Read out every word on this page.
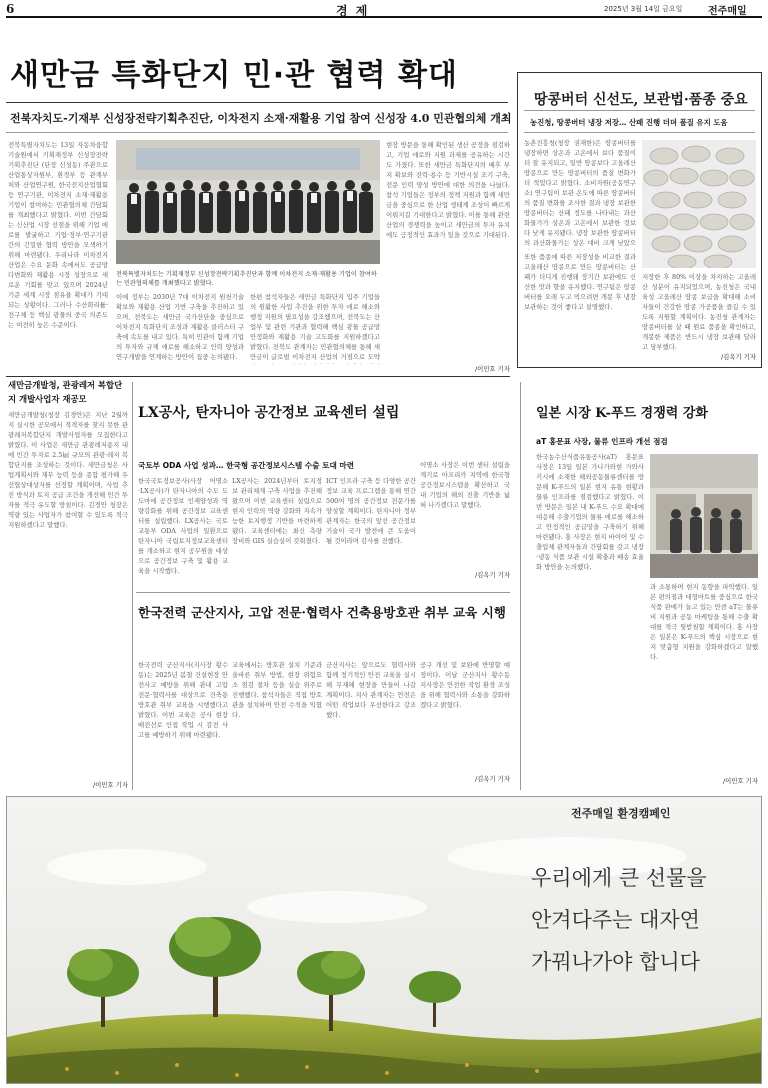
6	경 제	2025년 3월 14일 금요일	전주매일
새만금 특화단지 민·관 협력 확대
전북자치도-기재부 신성장전략기획추진단, 이차전지 소재·재활용 기업 참여 신성장 4.0 민관협의체 개최
전북특별자치도는 13일 자동차융합기술원에서 기획재정부 신성장전략기획추진단 (단장 신성동) 주관으로 산업통상자원부, 환경부 등 관계부처와 산업연구원, 한국전지산업협회 등 연구기관, 이차전지 소재·재활용 기업이 참여하는 민관협의체 간담회를 개최했다고 밝혔다. 이번 간담회는 신산업 시장 선점을 위해 기업 애로를 발굴하고 기업·정부·연구기관 간의 긴밀한 협력 방안을 모색하기 위해 마련됐다. 우리나라 이차전지 산업은 수요 둔화 속에서도 공급망 다변화와 재활용 시장 성장으로 새로운 기회를 맞고 있으며 2024년 기준 세계 시장 점유율 확대가 기대되는 상황이다. 그러나 수산화리튬·전구체 등 핵심 광물의 중국 의존도는 여전히 높은 수준이다.
전북특별자치도는 기획재정부 신성장전략기획추진단과 함께 이차전지 소재·재활용 기업이 참여하는 민관협의체를 개최했다고 밝혔다.
이에 정부는 2030년 7대 이차전지 원천기술 확보와 재활용 산업 기반 구축을 추진하고 있으며, 전북도는 새만금 국가산단을 중심으로 이차전지 특화단지 조성과 재활용 클러스터 구축에 속도를 내고 있다. 특히 민관이 함께 기업의 투자와 규제 애로를 해소하고 인력 양성과 연구개발을 연계하는 방안이 집중 논의됐다.
한편 참석자들은 새만금 특화단지 입주 기업들의 원활한 사업 추진을 위한 투자 애로 해소와 행정 지원의 필요성을 강조했으며, 전북도는 산업부 및 관련 기관과 협력해 핵심 광물 공급망 안정화와 재활용 기술 고도화를 지원하겠다고 밝혔다. 전북도 관계자는 민관협의체를 통해 새만금이 글로벌 이차전지 산업의 거점으로 도약
현장 방문을 통해 확인된 생산 공정을 점검하고, 기업 애로와 지원 과제를 공유하는 시간도 가졌다. 또한 새만금 특화단지의 배후 부지 확보와 전력·용수 등 기반시설 조기 구축, 전문 인력 양성 방안에 대한 의견을 나눴다. 참석 기업들은 정부의 정책 지원과 함께 새만금을 중심으로 한 산업 생태계 조성이 빠르게 이뤄지길 기대한다고 밝혔다. 이를 통해 관련 산업의 경쟁력을 높이고 새만금의 투자 유치에도 긍정적인 효과가 있을 것으로 기대된다.
/이민호 기자
땅콩버터 신선도, 보관법·품종 중요
농진청, 땅콩버터 냉장 저장… 산패 진행 더뎌 품질 유지 도움
농촌진흥청(청장 권재한)은 땅콩버터를 냉장하면 상온과 고온에서 보다 품질이 더 잘 유지되고, 일반 땅콩보다 고올레산 땅콩으로 만든 땅콩버터의 품질 변화가 더 적었다고 밝혔다. 소비자원(공동연구소) 연구팀이 보관 온도에 따른 땅콩버터의 품질 변화를 조사한 결과 냉장 보관한 땅콩버터는 산패 정도를 나타내는 과산화물가가 상온과 고온에서 보관한 것보다 낮게 유지됐다. 냉장 보관한 땅콩버터의 과산화물가는 상온 대비 크게 낮았으
또한 품종에 따른 저장성을 비교한 결과 고올레산 땅콩으로 만든 땅콩버터는 산패가 더디게 진행돼 장기간 보관에도 신선한 맛과 향을 유지했다. 연구팀은 땅콩버터를 오래 두고 먹으려면 개봉 후 냉장 보관하는 것이 좋다고 설명했다.
저장한 후 80% 이상을 차지하는 고올레산 성분이 유지되었으며, 농진청은 국내 육성 고올레산 땅콩 보급을 확대해 소비자들이 건강한 땅콩 가공품을 즐길 수 있도록 지원할 계획이다. 농진청 관계자는 땅콩버터를 살 때 원료 품종을 확인하고, 개봉한 제품은 반드시 냉장 보관해 달라고 당부했다.
/김옥기 기자
새만금개발청, 관광레저 복합단지 개발사업자 재공모
새만금개발청(청장 김경안)은 지난 2월까지 실시한 공모에서 적격자를 찾지 못한 관광레저복합단지 개발사업자를 모집한다고 밝혔다. 이 사업은 새만금 관광레저용지 내에 민간 투자로 2.5㎢ 규모의 관광·레저 복합단지를 조성하는 것이다. 새만금청은 사업계획서와 재무 능력 등을 종합 평가해 우선협상대상자를 선정할 계획이며, 사업 추진 방식과 토지 공급 조건을 개선해 민간 투자를 적극 유도할 방침이다. 김경안 청장은 역량 있는 사업자가 참여할 수 있도록 적극 지원하겠다고 말했다.
/이민호 기자
LX공사, 탄자니아 공간정보 교육센터 설립
국토부 ODA 사업 성과… 한국형 공간정보시스템 수출 토대 마련
한국국토정보공사(사장 어명소·LX공사)가 탄자니아의 수도 도도마에 공간정보 인재양성과 역량강화를 위해 공간정보 교육센터를 설립했다. LX공사는 국토교통부 ODA 사업의 일환으로 탄자니아 국립토지정보교육센터를 개소하고 현지 공무원을 대상으로 공간정보 구축 및 활용 교육을 시작했다.
LX공사는 2024년부터 토지정보 관리체계 구축 사업을 추진해 왔으며 이번 교육센터 설립으로 현지 인력의 역량 강화와 지속가능한 토지행정 기반을 마련하게 됐다. 교육센터에는 최신 측량 장비와 GIS 실습실이 갖춰졌다.
ICT 인프라 구축 등 다양한 공간정보 교육 프로그램을 통해 연간 500여 명의 공간정보 전문가를 양성할 계획이다. 탄자니아 정부 관계자는 한국의 앞선 공간정보 기술이 국가 발전에 큰 도움이 될 것이라며 감사를 전했다.
어명소 사장은 이번 센터 설립을 계기로 아프리카 지역에 한국형 공간정보시스템을 확산하고 국내 기업의 해외 진출 기반을 넓혀 나가겠다고 말했다.
/김옥기 기자
한국전력 군산지사, 고압 전문·협력사 건축용방호관 취부 교육 시행
한국전력 군산지사(지사장 황수동)는 2025년 봄철 건설현장 안전사고 예방을 위해 관내 고압 전문·협력사를 대상으로 건축용 방호관 취부 교육을 시행했다고 밝혔다. 이번 교육은 공사 현장 배전선로 인접 작업 시 감전 사고를 예방하기 위해 마련됐다.
교육에서는 방호관 설치 기준과 올바른 취부 방법, 현장 위험요소 점검 절차 등을 실습 위주로 진행했다. 참석자들은 직접 방호관을 설치하며 안전 수칙을 익혔다.
군산지사는 앞으로도 협력사와 함께 정기적인 안전 교육을 실시해 무재해 현장을 만들어 나갈 계획이다. 지사 관계자는 안전은 어떤 작업보다 우선한다고 강조했다.
공구 개선 및 보완에 반영할 예정이다. 이날 군산지사 황수동 지사장은 안전한 작업 환경 조성을 위해 협력사와 소통을 강화하겠다고 밝혔다.
/김옥기 기자
일본 시장 K-푸드 경쟁력 강화
aT 홍문표 사장, 물류 인프라 개선 점검
한국농수산식품유통공사(aT) 홍문표 사장은 13일 일본 가나가와현 가와사키시에 소재한 해외공동물류센터를 방문해 K-푸드의 일본 현지 유통 현황과 물류 인프라를 점검했다고 밝혔다. 이번 방문은 일본 내 K-푸드 수요 확대에 대응해 수출기업의 물류 애로를 해소하고 안정적인 공급망을 구축하기 위해 마련됐다. 홍 사장은 현지 바이어 및 수출업체 관계자들과 간담회를 갖고 냉장·냉동 식품 보관 시설 확충과 배송 효율화 방안을 논의했다.
과 소통하며 현지 동향을 파악했다. 일본 편의점과 대형마트를 중심으로 한국 식품 판매가 늘고 있는 만큼 aT는 물류비 지원과 공동 마케팅을 통해 수출 확대를 적극 뒷받침할 계획이다. 홍 사장은 일본은 K-푸드의 핵심 시장으로 현지 맞춤형 지원을 강화하겠다고 말했다.
/이민호 기자
전주매일 환경캠페인
우리에게 큰 선물을
안겨다주는 대자연
가꿔나가야 합니다
